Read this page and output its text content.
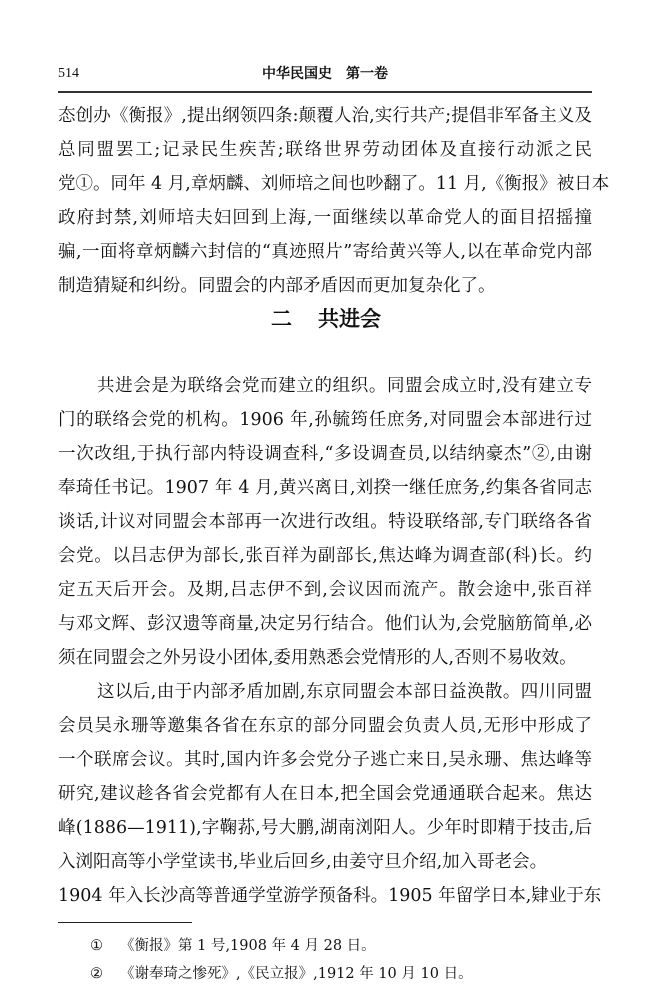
514	中华民国史　第一卷
态创办《衡报》,提出纲领四条:颠覆人治,实行共产;提倡非军备主义及
总同盟罢工;记录民生疾苦;联络世界劳动团体及直接行动派之民
党①。同年 4 月,章炳麟、刘师培之间也吵翻了。11 月,《衡报》被日本
政府封禁,刘师培夫妇回到上海,一面继续以革命党人的面目招摇撞
骗,一面将章炳麟六封信的“真迹照片”寄给黄兴等人,以在革命党内部
制造猜疑和纠纷。同盟会的内部矛盾因而更加复杂化了。
二 共进会
共进会是为联络会党而建立的组织。同盟会成立时,没有建立专
门的联络会党的机构。1906 年,孙毓筠任庶务,对同盟会本部进行过
一次改组,于执行部内特设调查科,“多设调查员,以结纳豪杰”②,由谢
奉琦任书记。1907 年 4 月,黄兴离日,刘揆一继任庶务,约集各省同志
谈话,计议对同盟会本部再一次进行改组。特设联络部,专门联络各省
会党。以吕志伊为部长,张百祥为副部长,焦达峰为调查部(科)长。约
定五天后开会。及期,吕志伊不到,会议因而流产。散会途中,张百祥
与邓文辉、彭汉遗等商量,决定另行结合。他们认为,会党脑筋简单,必
须在同盟会之外另设小团体,委用熟悉会党情形的人,否则不易收效。
这以后,由于内部矛盾加剧,东京同盟会本部日益涣散。四川同盟
会员吴永珊等邀集各省在东京的部分同盟会负责人员,无形中形成了
一个联席会议。其时,国内许多会党分子逃亡来日,吴永珊、焦达峰等
研究,建议趁各省会党都有人在日本,把全国会党通通联合起来。焦达
峰(1886—1911),字鞠荪,号大鹏,湖南浏阳人。少年时即精于技击,后
入浏阳高等小学堂读书,毕业后回乡,由姜守旦介绍,加入哥老会。
1904 年入长沙高等普通学堂游学预备科。1905 年留学日本,肄业于东
① 《衡报》第 1 号,1908 年 4 月 28 日。
② 《谢奉琦之惨死》,《民立报》,1912 年 10 月 10 日。
